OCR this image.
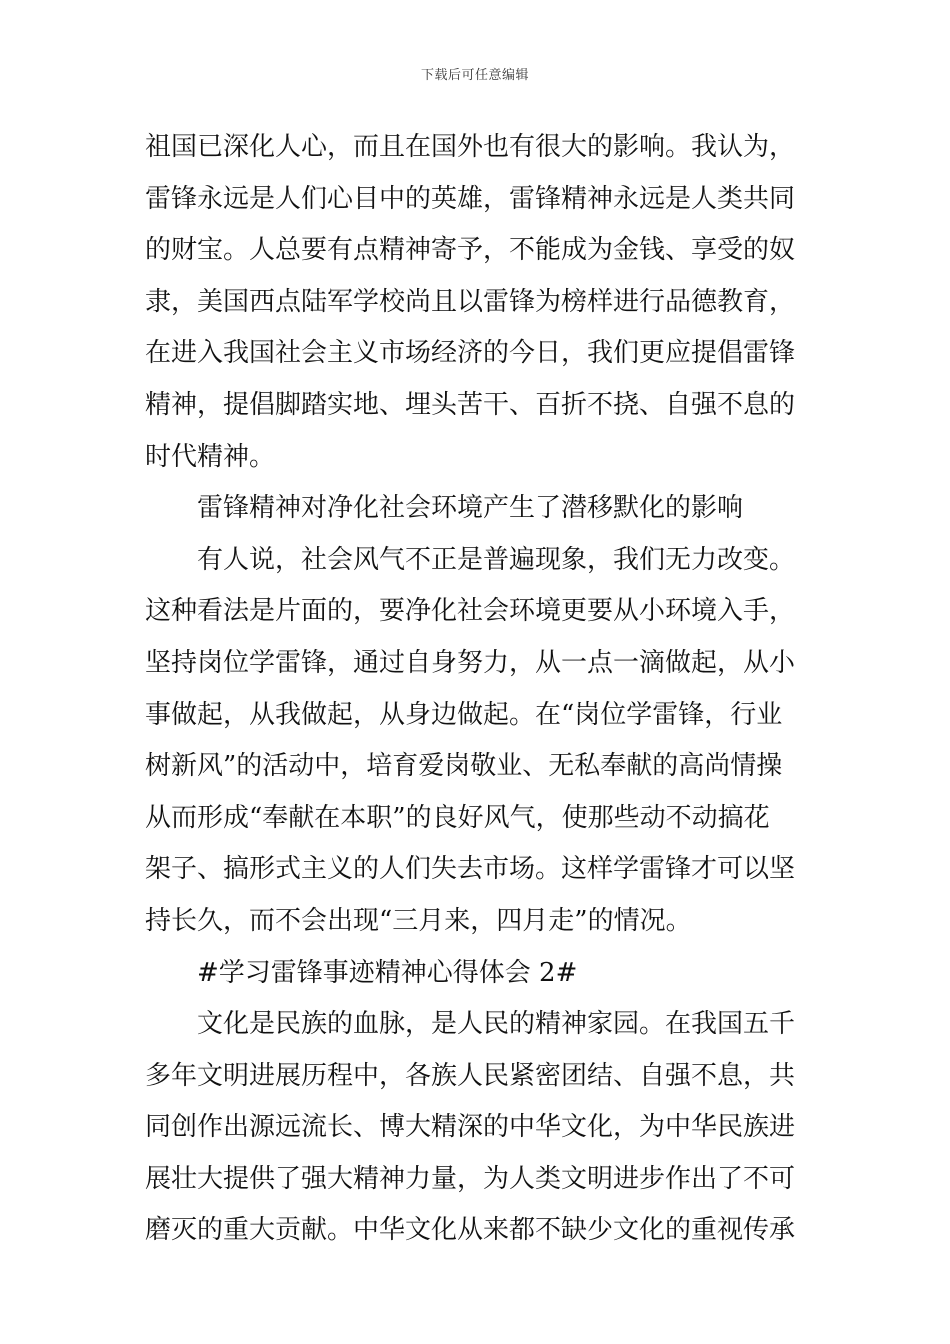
下载后可任意编辑
祖国已深化人心，而且在国外也有很大的影响。我认为，
雷锋永远是人们心目中的英雄，雷锋精神永远是人类共同
的财宝。人总要有点精神寄予，不能成为金钱、享受的奴
隶，美国西点陆军学校尚且以雷锋为榜样进行品德教育，
在进入我国社会主义市场经济的今日，我们更应提倡雷锋
精神，提倡脚踏实地、埋头苦干、百折不挠、自强不息的
时代精神。
雷锋精神对净化社会环境产生了潜移默化的影响
有人说，社会风气不正是普遍现象，我们无力改变。
这种看法是片面的，要净化社会环境更要从小环境入手，
坚持岗位学雷锋，通过自身努力，从一点一滴做起，从小
事做起，从我做起，从身边做起。在“岗位学雷锋，行业
树新风”的活动中，培育爱岗敬业、无私奉献的高尚情操
从而形成“奉献在本职”的良好风气，使那些动不动搞花
架子、搞形式主义的人们失去市场。这样学雷锋才可以坚
持长久，而不会出现“三月来，四月走”的情况。
#学习雷锋事迹精神心得体会 2#
文化是民族的血脉，是人民的精神家园。在我国五千
多年文明进展历程中，各族人民紧密团结、自强不息，共
同创作出源远流长、博大精深的中华文化，为中华民族进
展壮大提供了强大精神力量，为人类文明进步作出了不可
磨灭的重大贡献。中华文化从来都不缺少文化的重视传承
